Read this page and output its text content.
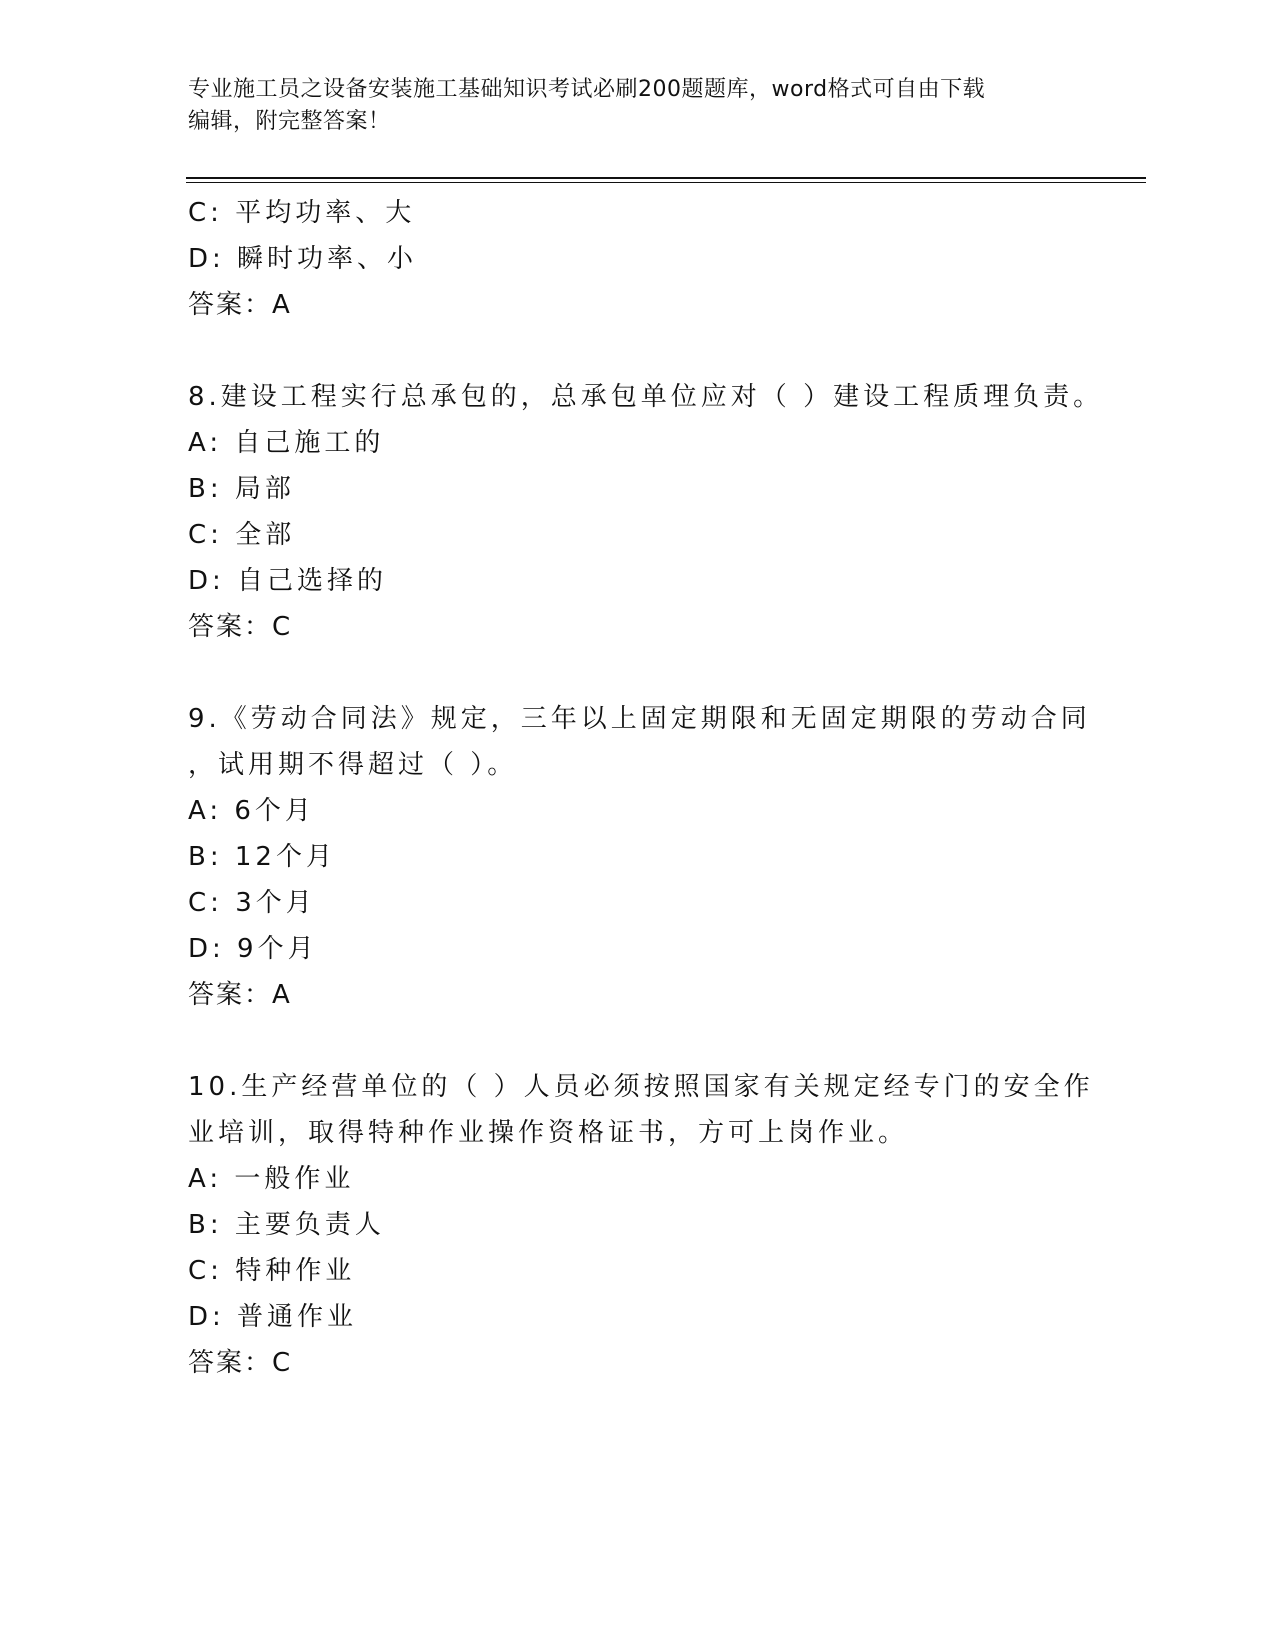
专业施工员之设备安装施工基础知识考试必刷200题题库，word格式可自由下载
编辑，附完整答案！
C: 平均功率、大
D: 瞬时功率、小
答案：A
8.建设工程实行总承包的，总承包单位应对（ ）建设工程质理负责。
A: 自己施工的
B: 局部
C: 全部
D: 自己选择的
答案：C
9.《劳动合同法》规定，三年以上固定期限和无固定期限的劳动合同
，试用期不得超过（ ）。
A: 6个月
B: 12个月
C: 3个月
D: 9个月
答案：A
10.生产经营单位的（ ）人员必须按照国家有关规定经专门的安全作
业培训，取得特种作业操作资格证书，方可上岗作业。
A: 一般作业
B: 主要负责人
C: 特种作业
D: 普通作业
答案：C
